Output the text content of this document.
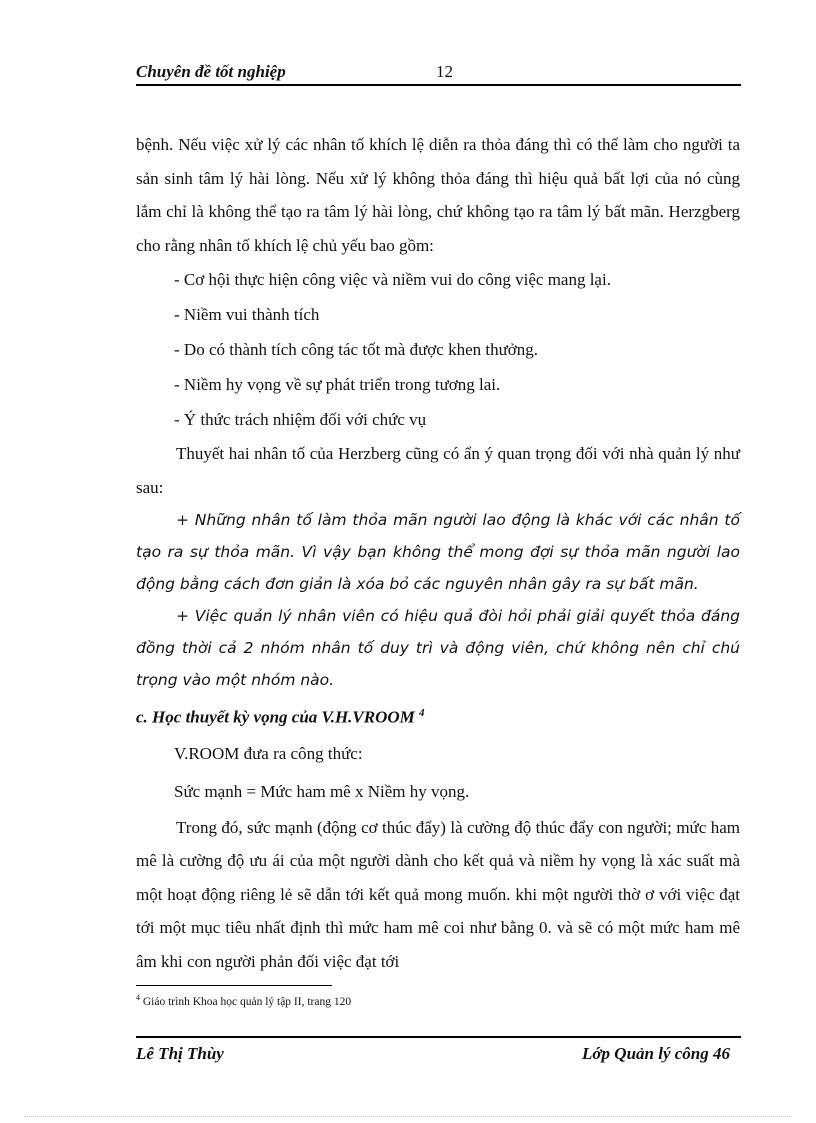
Chuyên đề tốt nghiệp	12

bệnh. Nếu việc xử lý các nhân tố khích lệ diễn ra thỏa đáng thì có thể làm cho người ta sản sinh tâm lý hài lòng. Nếu xử lý không thỏa đáng thì hiệu quả bất lợi của nó cùng lắm chỉ là không thể tạo ra tâm lý hài lòng, chứ không tạo ra tâm lý bất mãn. Herzgberg cho rằng nhân tố khích lệ chủ yếu bao gồm:

- Cơ hội thực hiện công việc và niềm vui do công việc mang lại.

- Niềm vui thành tích

- Do có thành tích công tác tốt mà được khen thưởng.

- Niềm hy vọng về sự phát triển trong tương lai.

- Ý thức trách nhiệm đối với chức vụ

Thuyết hai nhân tố của Herzberg cũng có ẩn ý quan trọng đối với nhà quản lý như sau:

+ Những nhân tố làm thỏa mãn người lao động là khác với các nhân tố tạo ra sự thỏa mãn. Vì vậy bạn không thể mong đợi sự thỏa mãn người lao động bằng cách đơn giản là xóa bỏ các nguyên nhân gây ra sự bất mãn.

+ Việc quản lý nhân viên có hiệu quả đòi hỏi phải giải quyết thỏa đáng đồng thời cả 2 nhóm nhân tố duy trì và động viên, chứ không nên chỉ chú trọng vào một nhóm nào.

c. Học thuyết kỳ vọng của V.H.VROOM $^4$

V.ROOM đưa ra công thức:

Sức mạnh = Mức ham mê x Niềm hy vọng.

Trong đó, sức mạnh (động cơ thúc đẩy) là cường độ thúc đẩy con người; mức ham mê là cường độ ưu ái của một người dành cho kết quả và niềm hy vọng là xác suất mà một hoạt động riêng lẻ sẽ dẫn tới kết quả mong muốn. khi một người thờ ơ với việc đạt tới một mục tiêu nhất định thì mức ham mê coi như bằng 0. và sẽ có một mức ham mê âm khi con người phản đối việc đạt tới

$^4$ Giáo trình Khoa học quản lý tập II, trang 120
Lê Thị Thùy	Lớp Quản lý công 46
